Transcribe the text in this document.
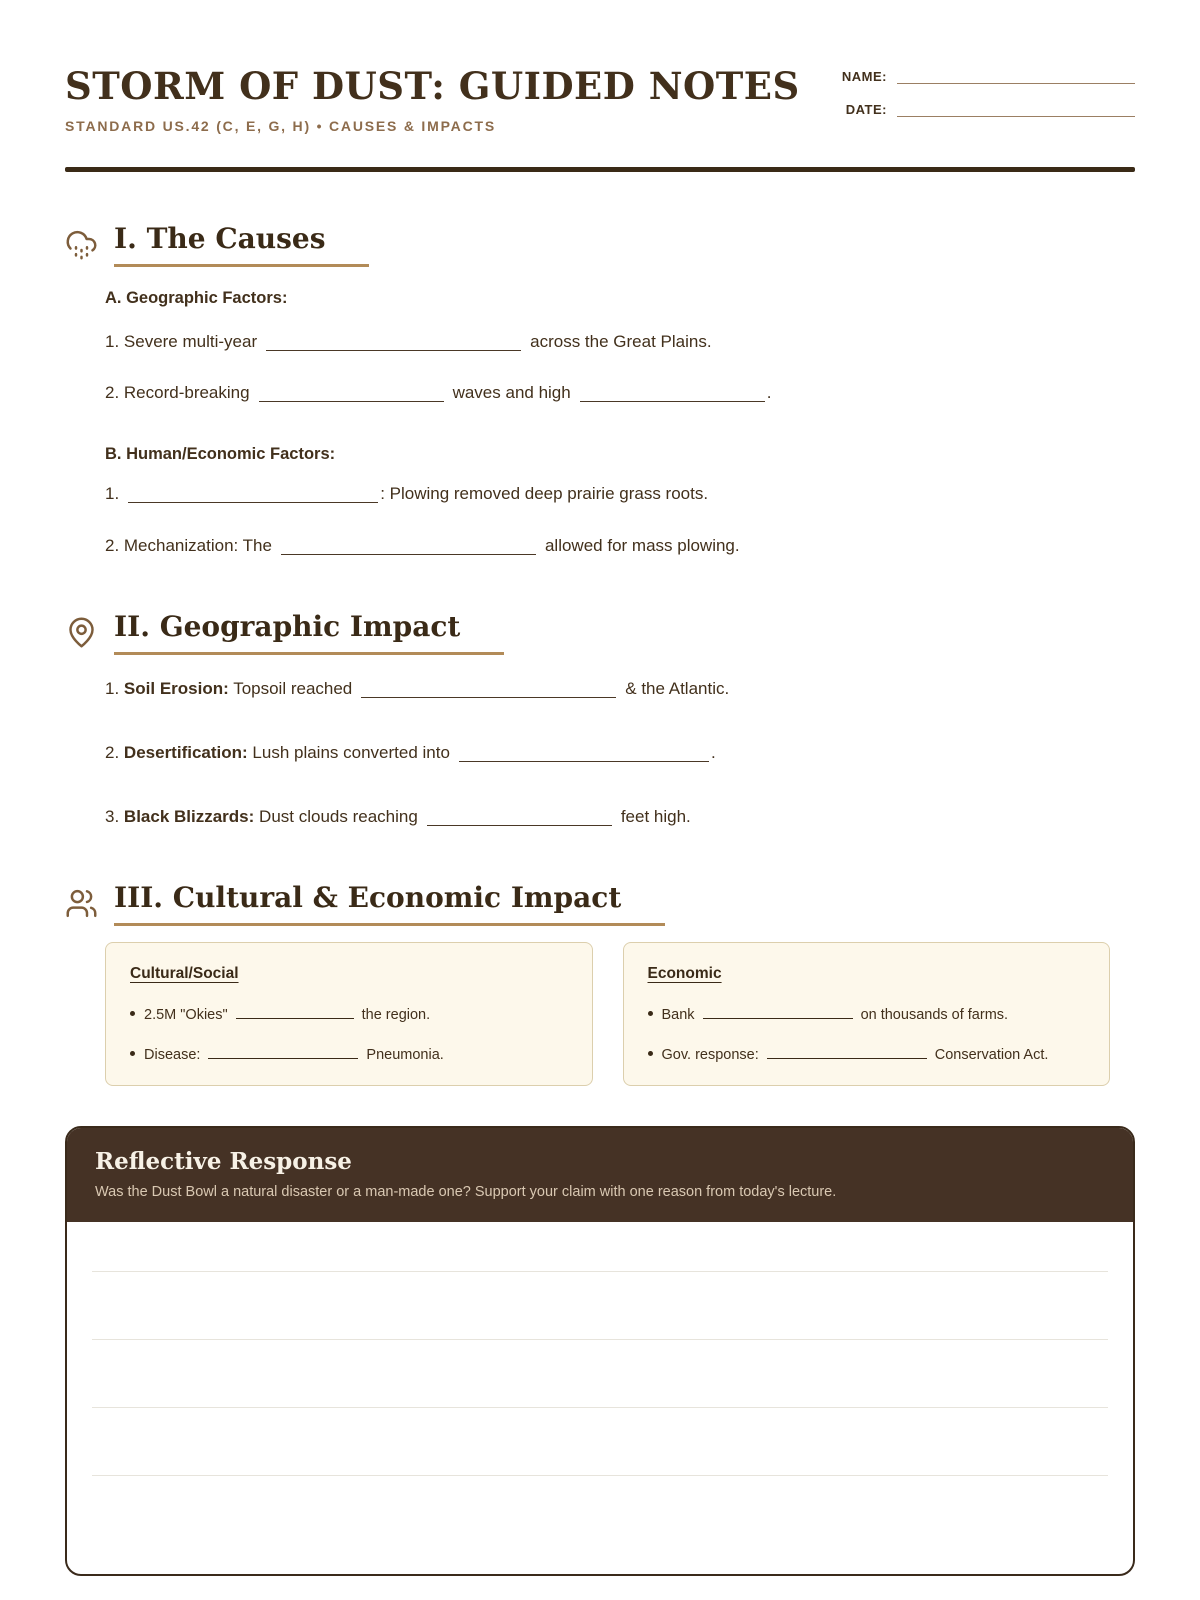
STORM OF DUST: GUIDED NOTES
STANDARD US.42 (C, E, G, H) • CAUSES & IMPACTS
NAME:
DATE:
I. The Causes
A. Geographic Factors:

1. Severe multi-year	across the Great Plains.

2. Record-breaking	waves and high	.

B. Human/Economic Factors:

1.	: Plowing removed deep prairie grass roots.

2. Mechanization: The	allowed for mass plowing.

II. Geographic Impact

1. Soil Erosion: Topsoil reached	& the Atlantic.

2. Desertification: Lush plains converted into	.

3. Black Blizzards: Dust clouds reaching	feet high.

III. Cultural & Economic Impact
Cultural/Social
2.5M "Okies"	the region.
Disease:	Pneumonia.
Economic
Bank	on thousands of farms.
Gov. response:	Conservation Act.
Reflective Response
Was the Dust Bowl a natural disaster or a man-made one? Support your claim with one reason from today's lecture.
